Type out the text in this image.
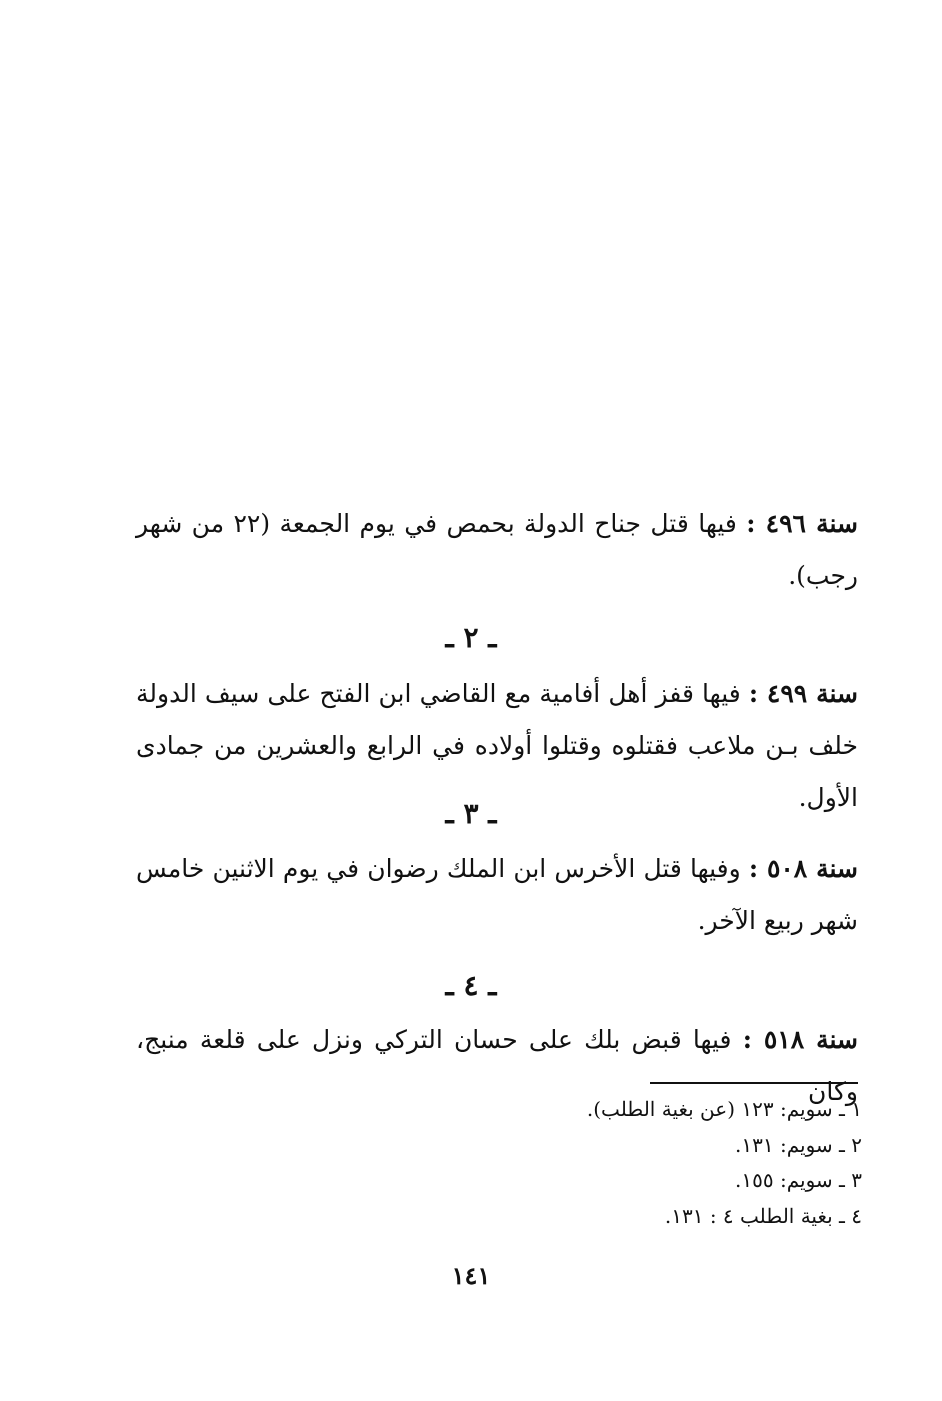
سنة ٤٩٦ : فيها قتل جناح الدولة بحمص في يوم الجمعة (٢٢ من شهر رجب).
ـ ٢ ـ
سنة ٤٩٩ : فيها قفز أهل أفامية مع القاضي ابن الفتح على سيف الدولة خلف بـن ملاعب فقتلوه وقتلوا أولاده في الرابع والعشرين من جمادى الأول.
ـ ٣ ـ
سنة ٥٠٨ : وفيها قتل الأخرس ابن الملك رضوان في يوم الاثنين خامس شهر ربيع الآخر.
ـ ٤ ـ
سنة ٥١٨ : فيها قبض بلك على حسان التركي ونزل على قلعة منبج، وكان
١ ـ سويم: ١٢٣ (عن بغية الطلب).
٢ ـ سويم: ١٣١.
٣ ـ سويم: ١٥٥.
٤ ـ بغية الطلب ٤ : ١٣١.
١٤١
